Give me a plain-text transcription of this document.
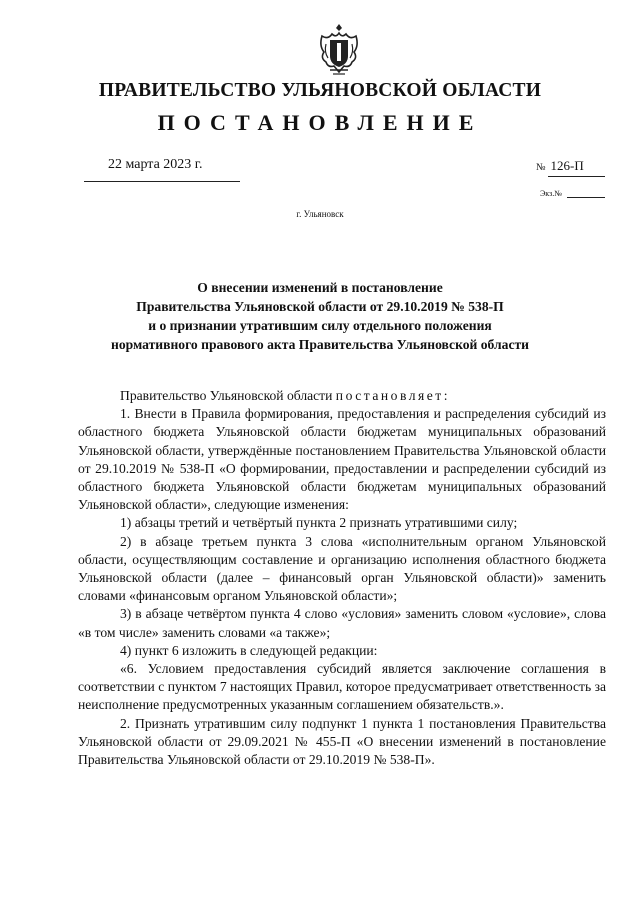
ПРАВИТЕЛЬСТВО УЛЬЯНОВСКОЙ ОБЛАСТИ
ПОСТАНОВЛЕНИЕ
22 марта 2023 г.	№ 126-П
Экз.№
г. Ульяновск
О внесении изменений в постановление
Правительства Ульяновской области от 29.10.2019 № 538-П
и о признании утратившим силу отдельного положения
нормативного правового акта Правительства Ульяновской области

Правительство Ульяновской области постановляет:

1. Внести в Правила формирования, предоставления и распределения субсидий из областного бюджета Ульяновской области бюджетам муниципальных образований Ульяновской области, утверждённые постановлением Правительства Ульяновской области от 29.10.2019 № 538-П «О формировании, предоставлении и распределении субсидий из областного бюджета Ульяновской области бюджетам муниципальных образований Ульяновской области», следующие изменения:

1) абзацы третий и четвёртый пункта 2 признать утратившими силу;

2) в абзаце третьем пункта 3 слова «исполнительным органом Ульяновской области, осуществляющим составление и организацию исполнения областного бюджета Ульяновской области (далее – финансовый орган Ульяновской области)» заменить словами «финансовым органом Ульяновской области»;

3) в абзаце четвёртом пункта 4 слово «условия» заменить словом «условие», слова «в том числе» заменить словами «а также»;

4) пункт 6 изложить в следующей редакции:

«6. Условием предоставления субсидий является заключение соглашения в соответствии с пунктом 7 настоящих Правил, которое предусматривает ответственность за неисполнение предусмотренных указанным соглашением обязательств.».

2. Признать утратившим силу подпункт 1 пункта 1 постановления Правительства Ульяновской области от 29.09.2021 № 455-П «О внесении изменений в постановление Правительства Ульяновской области от 29.10.2019 № 538-П».
